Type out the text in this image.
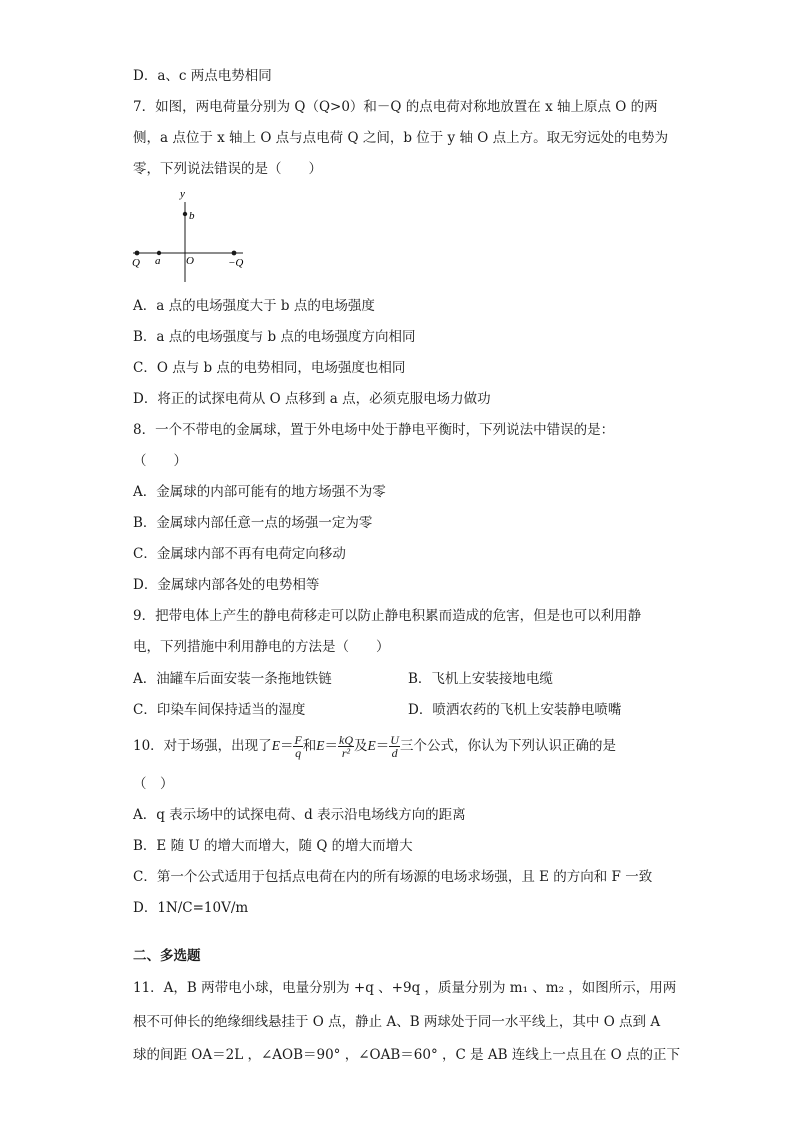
D．a、c 两点电势相同
7．如图，两电荷量分别为 Q（Q>0）和－Q 的点电荷对称地放置在 x 轴上原点 O 的两
侧，a 点位于 x 轴上 O 点与点电荷 Q 之间，b 位于 y 轴 O 点上方。取无穷远处的电势为
零，下列说法错误的是（　　）
y
b
Q a O	−Q
A．a 点的电场强度大于 b 点的电场强度
B．a 点的电场强度与 b 点的电场强度方向相同
C．O 点与 b 点的电势相同，电场强度也相同
D．将正的试探电荷从 O 点移到 a 点，必须克服电场力做功
8．一个不带电的金属球，置于外电场中处于静电平衡时，下列说法中错误的是：
（　　）
A．金属球的内部可能有的地方场强不为零
B．金属球内部任意一点的场强一定为零
C．金属球内部不再有电荷定向移动
D．金属球内部各处的电势相等
9．把带电体上产生的静电荷移走可以防止静电积累而造成的危害，但是也可以利用静
电，下列措施中利用静电的方法是（　　）
A．油罐车后面安装一条拖地铁链	B．飞机上安装接地电缆
C．印染车间保持适当的湿度	D．喷洒农药的飞机上安装静电喷嘴
10．对于场强，出现了$E= \frac{F}{q}$ 和$E= \frac{kQ}{\text{r²}}$ 及$E= \frac{U}{d}$ 三个公式，你认为下列认识正确的是
（　）
A．q 表示场中的试探电荷、d 表示沿电场线方向的距离
B．E 随 U 的增大而增大，随 Q 的增大而增大
C．第一个公式适用于包括点电荷在内的所有场源的电场求场强，且 E 的方向和 F 一致
D．1N/C=10V/m
二、多选题
11．A，B 两带电小球，电量分别为 +q 、+9q ，质量分别为 m₁ 、m₂ ，如图所示，用两
根不可伸长的绝缘细线悬挂于 O 点，静止 A、B 两球处于同一水平线上，其中 O 点到 A
球的间距 OA＝2L ，∠AOB＝90° ，∠OAB＝60° ，C 是 AB 连线上一点且在 O 点的正下
